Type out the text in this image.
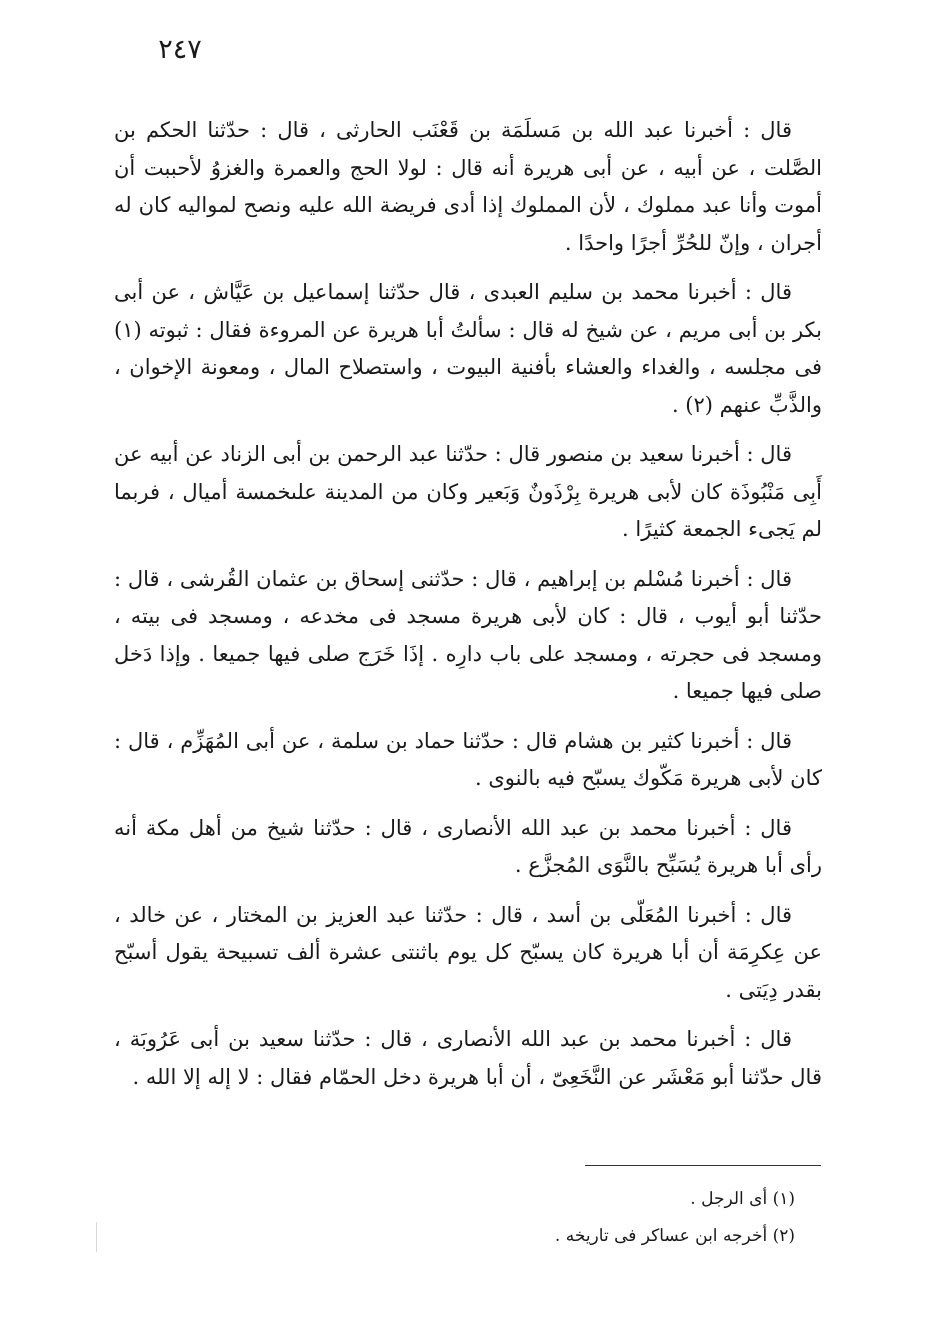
٢٤٧

قال : أخبرنا عبد الله بن مَسلَمَة بن قَعْنَب الحارثى ، قال : حدّثنا الحكم بن الصَّلت ، عن أبيه ، عن أبى هريرة أنه قال : لولا الحج والعمرة والغزوُ لأحببت أن أموت وأنا عبد مملوك ، لأن المملوك إذا أدى فريضة الله عليه ونصح لمواليه كان له أجران ، وإنّ للحُرِّ أجرًا واحدًا .

قال : أخبرنا محمد بن سليم العبدى ، قال حدّثنا إسماعيل بن عَيَّاش ، عن أبى بكر بن أبى مريم ، عن شيخ له قال : سألتُ أبا هريرة عن المروءة فقال : ثبوته (١) فى مجلسه ، والغداء والعشاء بأفنية البيوت ، واستصلاح المال ، ومعونة الإخوان ، والذَّبِّ عنهم (٢) .

قال : أخبرنا سعيد بن منصور قال : حدّثنا عبد الرحمن بن أبى الزناد عن أبيه عن أَبِى مَنْبُوذَة كان لأبى هريرة بِرْذَونٌ وَبَعير وكان من المدينة علىخمسة أميال ، فربما لم يَجىء الجمعة كثيرًا .

قال : أخبرنا مُسْلم بن إبراهيم ، قال : حدّثنى إسحاق بن عثمان القُرشى ، قال : حدّثنا أبو أيوب ، قال : كان لأبى هريرة مسجد فى مخدعه ، ومسجد فى بيته ، ومسجد فى حجرته ، ومسجد على باب دارِه . إذَا خَرَج صلى فيها جميعا . وإذا دَخل صلى فيها جميعا .

قال : أخبرنا كثير بن هشام قال : حدّثنا حماد بن سلمة ، عن أبى المُهَزِّم ، قال : كان لأبى هريرة مَكّوك يسبّح فيه بالنوى .

قال : أخبرنا محمد بن عبد الله الأنصارى ، قال : حدّثنا شيخ من أهل مكة أنه رأى أبا هريرة يُسَبِّح بالنَّوَى المُجزَّع .

قال : أخبرنا المُعَلّى بن أسد ، قال : حدّثنا عبد العزيز بن المختار ، عن خالد ، عن عِكرِمَة أن أبا هريرة كان يسبّح كل يوم باثنتى عشرة ألف تسبيحة يقول أسبّح بقدر دِيَتى .

قال : أخبرنا محمد بن عبد الله الأنصارى ، قال : حدّثنا سعيد بن أبى عَرُوبَة ، قال حدّثنا أبو مَعْشَر عن النَّخَعِىّ ، أن أبا هريرة دخل الحمّام فقال : لا إله إلا الله .

(١) أى الرجل .

(٢) أخرجه ابن عساكر فى تاريخه .
